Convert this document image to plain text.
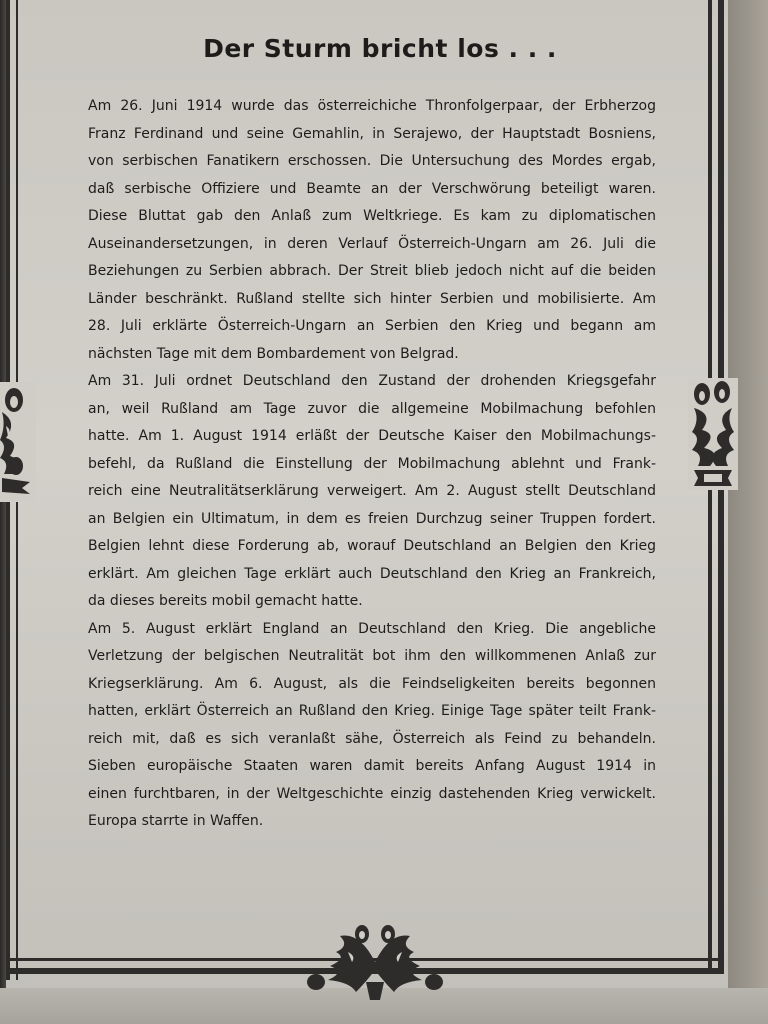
Der Sturm bricht los . . .
Am 26. Juni 1914 wurde das österreichiche Thronfolgerpaar, der Erbherzog
Franz Ferdinand und seine Gemahlin, in Serajewo, der Hauptstadt Bosniens,
von serbischen Fanatikern erschossen. Die Untersuchung des Mordes ergab,
daß serbische Offiziere und Beamte an der Verschwörung beteiligt waren.
Diese Bluttat gab den Anlaß zum Weltkriege. Es kam zu diplomatischen
Auseinandersetzungen, in deren Verlauf Österreich-Ungarn am 26. Juli die
Beziehungen zu Serbien abbrach. Der Streit blieb jedoch nicht auf die beiden
Länder beschränkt. Rußland stellte sich hinter Serbien und mobilisierte. Am
28. Juli erklärte Österreich-Ungarn an Serbien den Krieg und begann am
nächsten Tage mit dem Bombardement von Belgrad.
Am 31. Juli ordnet Deutschland den Zustand der drohenden Kriegsgefahr
an, weil Rußland am Tage zuvor die allgemeine Mobilmachung befohlen
hatte. Am 1. August 1914 erläßt der Deutsche Kaiser den Mobilmachungs-
befehl, da Rußland die Einstellung der Mobilmachung ablehnt und Frank-
reich eine Neutralitätserklärung verweigert. Am 2. August stellt Deutschland
an Belgien ein Ultimatum, in dem es freien Durchzug seiner Truppen fordert.
Belgien lehnt diese Forderung ab, worauf Deutschland an Belgien den Krieg
erklärt. Am gleichen Tage erklärt auch Deutschland den Krieg an Frankreich,
da dieses bereits mobil gemacht hatte.
Am 5. August erklärt England an Deutschland den Krieg. Die angebliche
Verletzung der belgischen Neutralität bot ihm den willkommenen Anlaß zur
Kriegserklärung. Am 6. August, als die Feindseligkeiten bereits begonnen
hatten, erklärt Österreich an Rußland den Krieg. Einige Tage später teilt Frank-
reich mit, daß es sich veranlaßt sähe, Österreich als Feind zu behandeln.
Sieben europäische Staaten waren damit bereits Anfang August 1914 in
einen furchtbaren, in der Weltgeschichte einzig dastehenden Krieg verwickelt.
Europa starrte in Waffen.
